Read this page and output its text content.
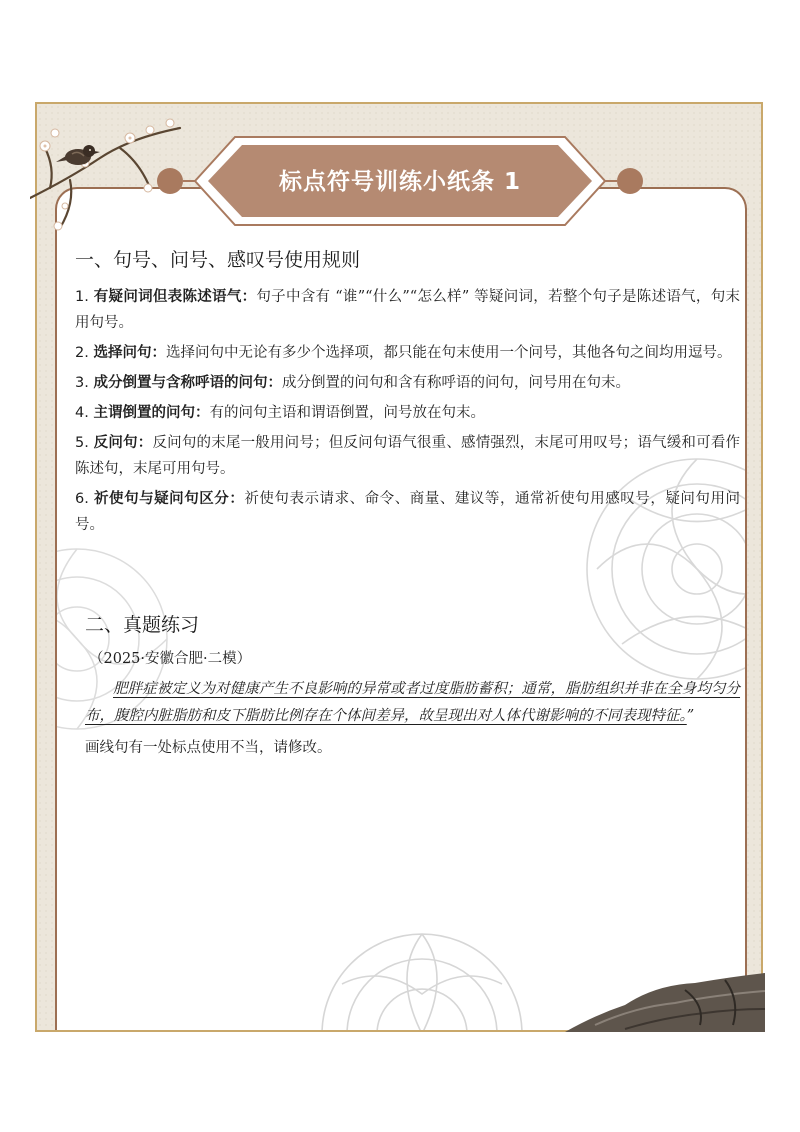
标点符号训练小纸条 1
一、句号、问号、感叹号使用规则
1. 有疑问词但表陈述语气：句子中含有 “谁”“什么”“怎么样” 等疑问词，若整个句子是陈述语气，句末用句号。
2. 选择问句：选择问句中无论有多少个选择项，都只能在句末使用一个问号，其他各句之间均用逗号。
3. 成分倒置与含称呼语的问句：成分倒置的问句和含有称呼语的问句，问号用在句末。
4. 主谓倒置的问句：有的问句主语和谓语倒置，问号放在句末。
5. 反问句：反问句的末尾一般用问号；但反问句语气很重、感情强烈，末尾可用叹号；语气缓和可看作陈述句，末尾可用句号。
6. 祈使句与疑问句区分：祈使句表示请求、命令、商量、建议等，通常祈使句用感叹号，疑问句用问号。
二、真题练习
（2025·安徽合肥·二模）
肥胖症被定义为对健康产生不良影响的异常或者过度脂肪蓄积；通常，脂肪组织并非在全身均匀分布，腹腔内脏脂肪和皮下脂肪比例存在个体间差异，故呈现出对人体代谢影响的不同表现特征。”
画线句有一处标点使用不当，请修改。
